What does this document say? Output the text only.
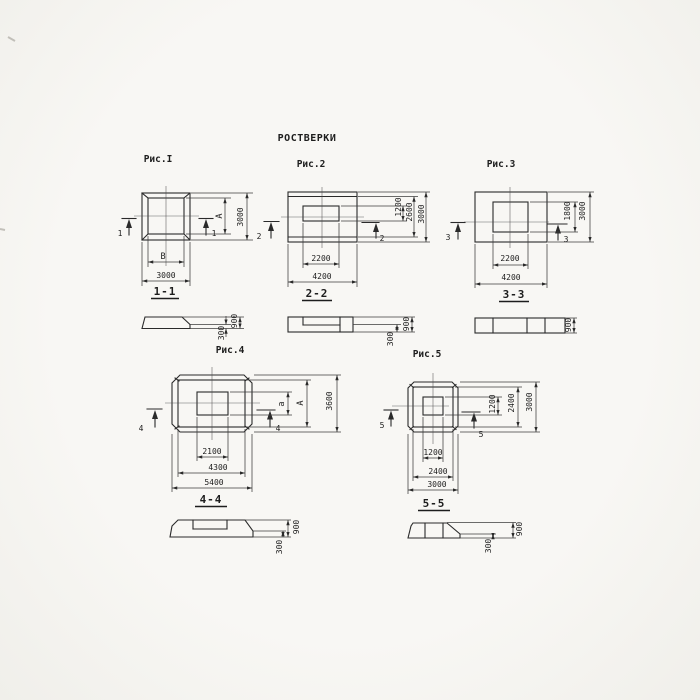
РОСТВЕРКИ
Рис.I
1	1
А 3000
В
3000
1-1
Рис.2
2	2
1200 2600 3000
2200
4200
2-2
Рис.3
3	3
1800 3000
2200
4200
3-3
300
900
300
900	900
Рис.4
4	4
а А 3600
2100
4300
5400
4-4
Рис.5
5
5
1200 2400 3000
1200
2400
3000
5-5
300
900
300
900
